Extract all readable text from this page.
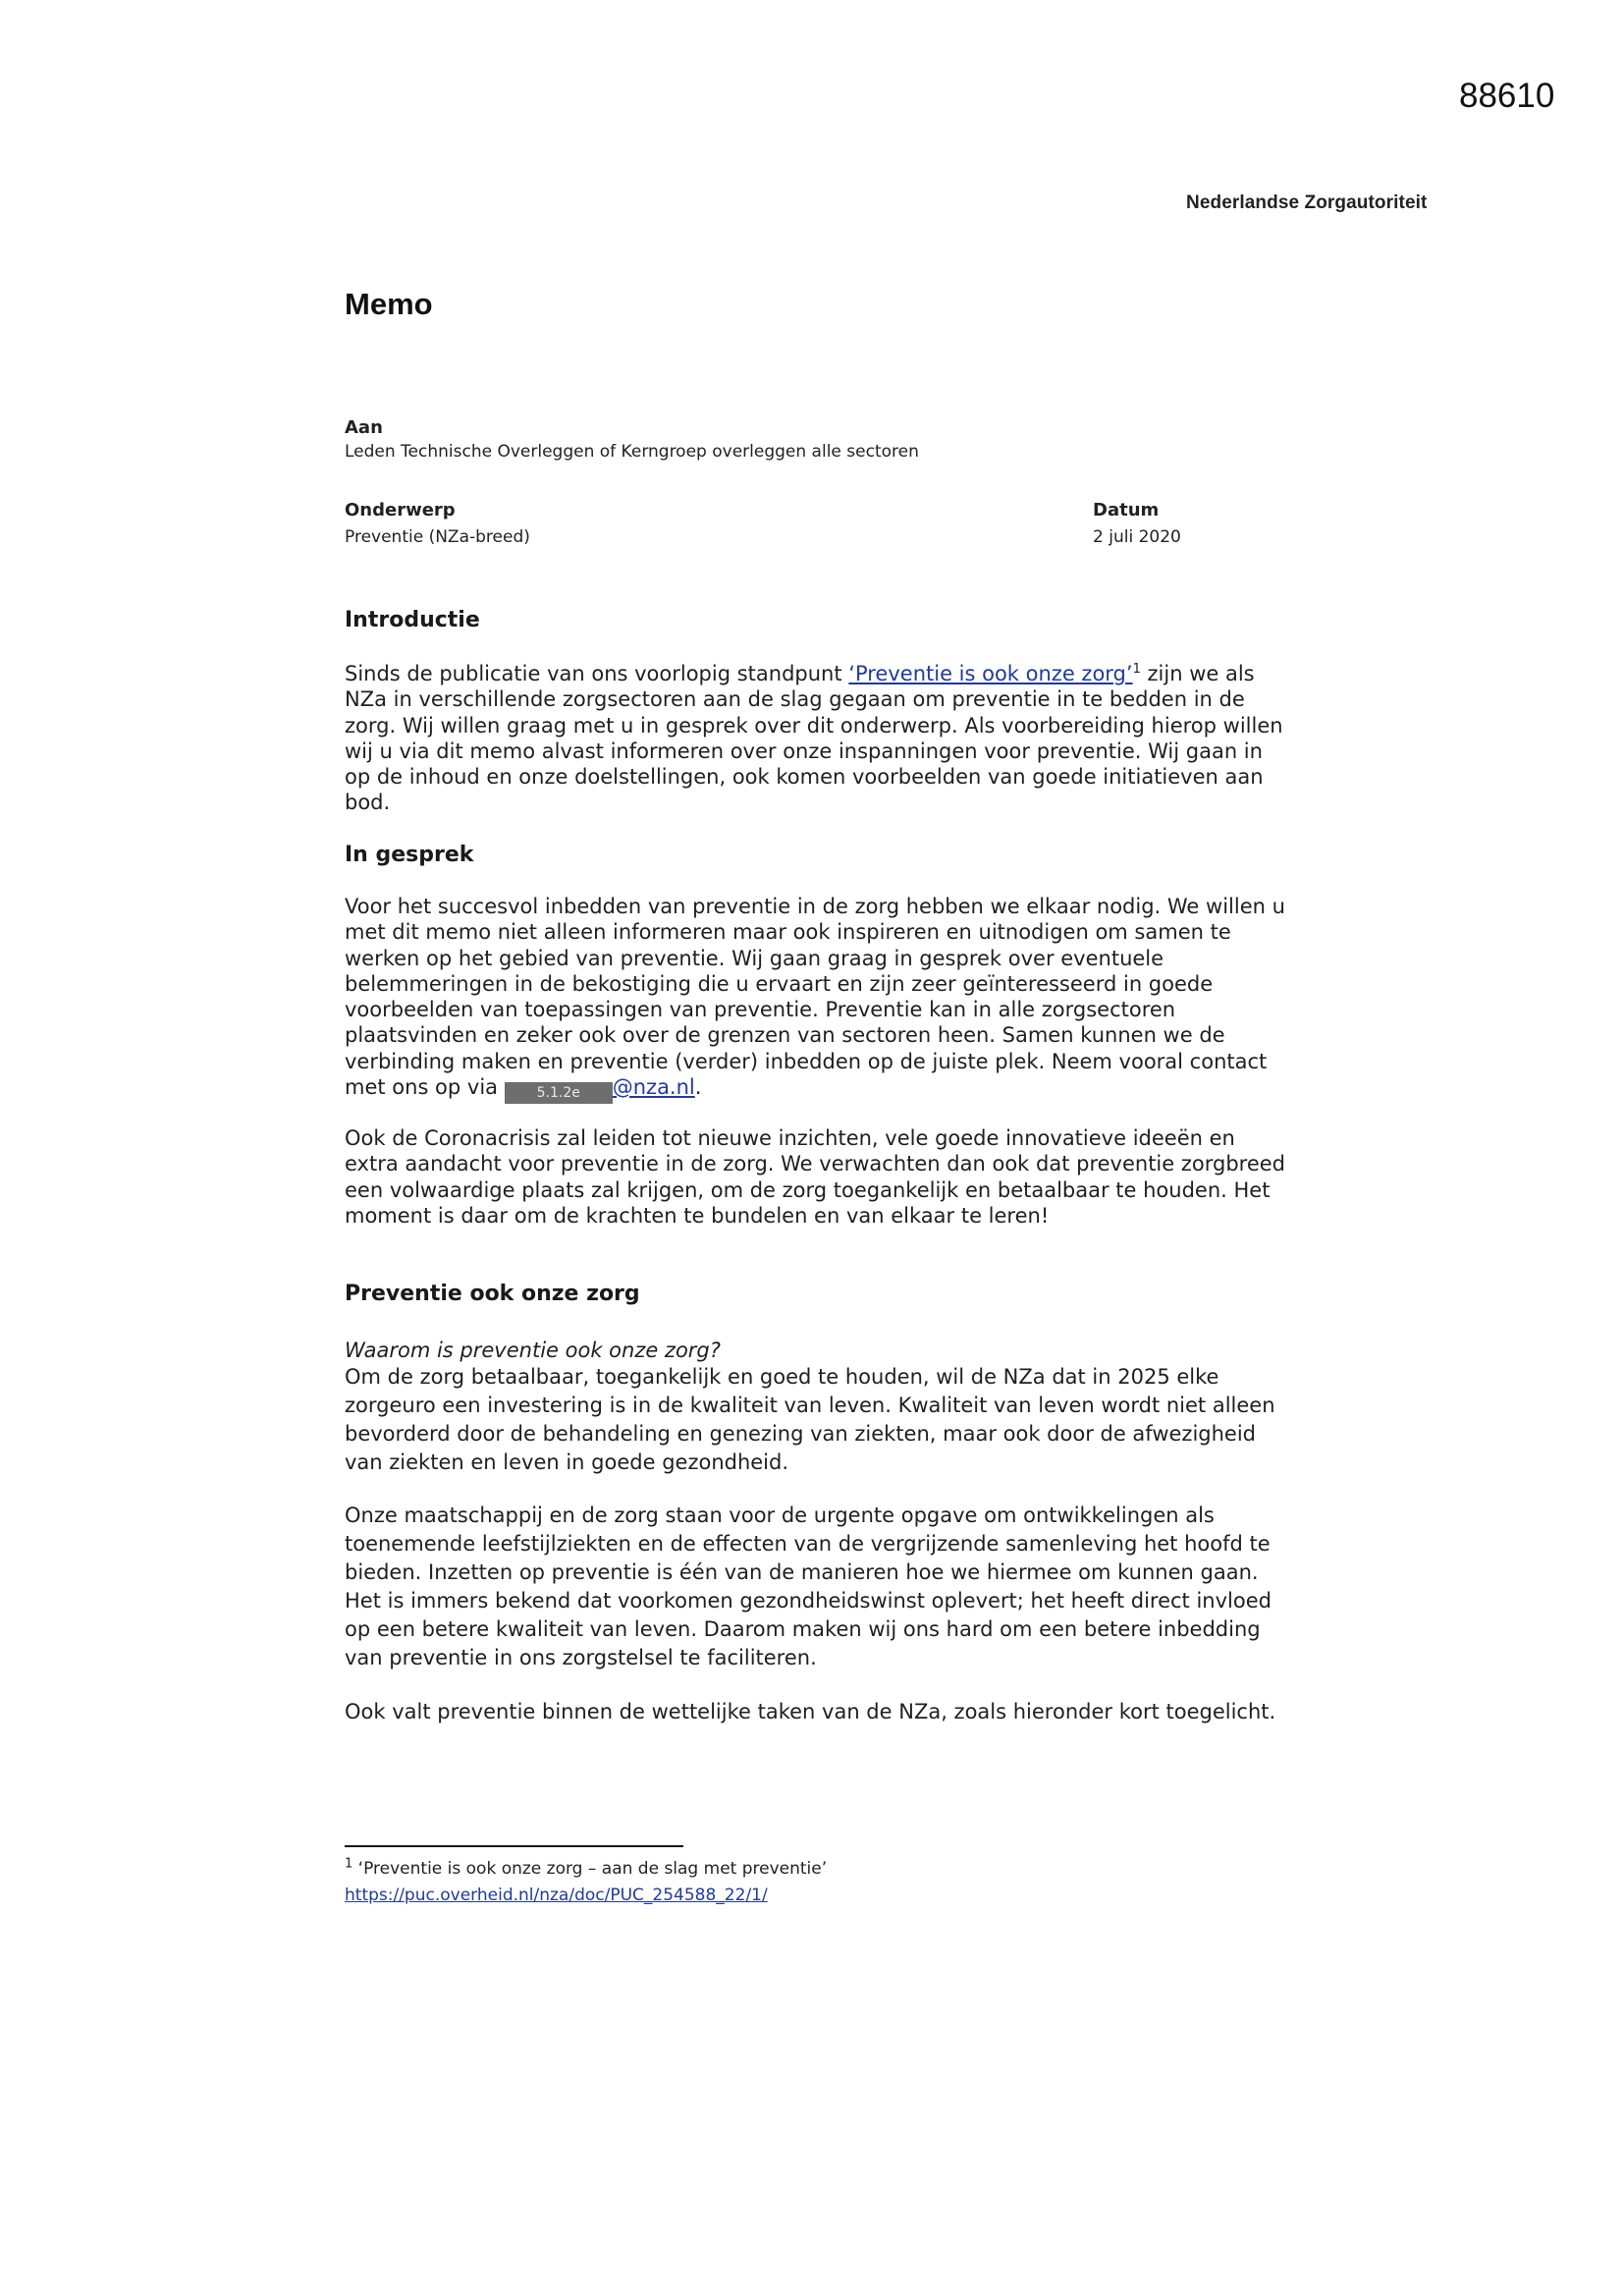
88610
Nederlandse Zorgautoriteit
Memo
Aan
Leden Technische Overleggen of Kerngroep overleggen alle sectoren
Onderwerp
Preventie (NZa-breed)
Datum
2 juli 2020
Introductie

Sinds de publicatie van ons voorlopig standpunt ‘Preventie is ook onze zorg’$^1$ zijn we als NZa in verschillende zorgsectoren aan de slag gegaan om preventie in te bedden in de zorg. Wij willen graag met u in gesprek over dit onderwerp. Als voorbereiding hierop willen wij u via dit memo alvast informeren over onze inspanningen voor preventie. Wij gaan in op de inhoud en onze doelstellingen, ook komen voorbeelden van goede initiatieven aan bod.

In gesprek

Voor het succesvol inbedden van preventie in de zorg hebben we elkaar nodig. We willen u met dit memo niet alleen informeren maar ook inspireren en uitnodigen om samen te werken op het gebied van preventie. Wij gaan graag in gesprek over eventuele belemmeringen in de bekostiging die u ervaart en zijn zeer geïnteresseerd in goede voorbeelden van toepassingen van preventie. Preventie kan in alle zorgsectoren plaatsvinden en zeker ook over de grenzen van sectoren heen. Samen kunnen we de verbinding maken en preventie (verder) inbedden op de juiste plek. Neem vooral contact met ons op via 5.1.2e @nza.nl.

Ook de Coronacrisis zal leiden tot nieuwe inzichten, vele goede innovatieve ideeën en extra aandacht voor preventie in de zorg. We verwachten dan ook dat preventie zorgbreed een volwaardige plaats zal krijgen, om de zorg toegankelijk en betaalbaar te houden. Het moment is daar om de krachten te bundelen en van elkaar te leren!

Preventie ook onze zorg
Waarom is preventie ook onze zorg?

Om de zorg betaalbaar, toegankelijk en goed te houden, wil de NZa dat in 2025 elke zorgeuro een investering is in de kwaliteit van leven. Kwaliteit van leven wordt niet alleen bevorderd door de behandeling en genezing van ziekten, maar ook door de afwezigheid van ziekten en leven in goede gezondheid.

Onze maatschappij en de zorg staan voor de urgente opgave om ontwikkelingen als toenemende leefstijlziekten en de effecten van de vergrijzende samenleving het hoofd te bieden. Inzetten op preventie is één van de manieren hoe we hiermee om kunnen gaan. Het is immers bekend dat voorkomen gezondheidswinst oplevert; het heeft direct invloed op een betere kwaliteit van leven. Daarom maken wij ons hard om een betere inbedding van preventie in ons zorgstelsel te faciliteren.

Ook valt preventie binnen de wettelijke taken van de NZa, zoals hieronder kort toegelicht.

$^1$ ‘Preventie is ook onze zorg – aan de slag met preventie’
https://puc.overheid.nl/nza/doc/PUC_254588_22/1/
